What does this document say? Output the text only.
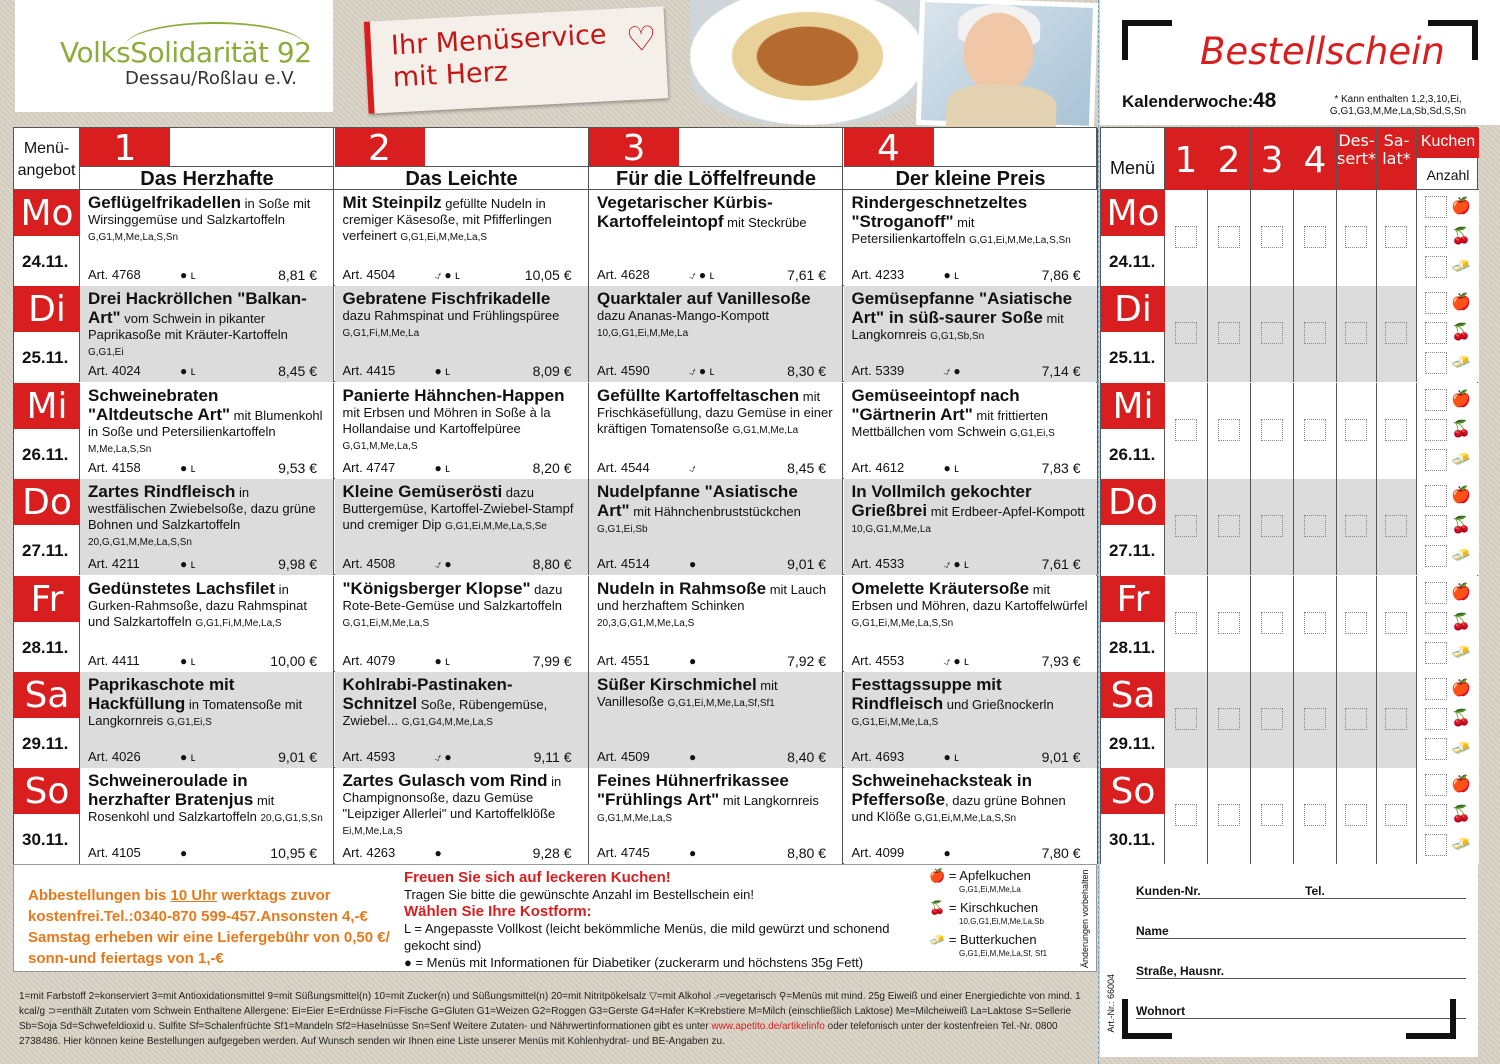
VolksSolidarität 92
Dessau/Roßlau e.V.
Ihr Menüservice
mit Herz
♡	Bestellschein
Kalenderwoche: 48	* Kann enthalten 1,2,3,10,Ei, G,G1,G3,M,Me,La,Sb,Sd,S,Sn
Menü-angebot
1
Das Herzhafte
2
Das Leichte
3
Für die Löffelfreunde
4
Der kleine Preis
Mo
24.11.
Geflügelfrikadellen in Soße mit Wirsinggemüse und Salzkartoffeln G,G1,M,Me,La,S,Sn
Art. 4768	● ʟ	8,81 €
Mit Steinpilz gefüllte Nudeln in cremiger Käsesoße, mit Pfifferlingen verfeinert G,G1,Ei,M,Me,La,S
Art. 4504	⍻ ● ʟ	10,05 €
Vegetarischer Kürbis-Kartoffeleintopf mit Steckrübe
Art. 4628	⍻ ● ʟ	7,61 €
Rindergeschnetzeltes "Stroganoff" mit Petersilienkartoffeln G,G1,Ei,M,Me,La,S,Sn
Art. 4233	● ʟ	7,86 €
Di
25.11.
Drei Hackröllchen "Balkan-Art" vom Schwein in pikanter Paprikasoße mit Kräuter-Kartoffeln G,G1,Ei
Art. 4024	● ʟ	8,45 €
Gebratene Fischfrikadelle dazu Rahmspinat und Frühlingspüree G,G1,Fi,M,Me,La
Art. 4415	● ʟ	8,09 €
Quarktaler auf Vanillesoße dazu Ananas-Mango-Kompott 10,G,G1,Ei,M,Me,La
Art. 4590	⍻ ● ʟ	8,30 €
Gemüsepfanne "Asiatische Art" in süß-saurer Soße mit Langkornreis G,G1,Sb,Sn
Art. 5339	⍻ ●	7,14 €
Mi
26.11.
Schweinebraten "Altdeutsche Art" mit Blumenkohl in Soße und Petersilienkartoffeln M,Me,La,S,Sn
Art. 4158	● ʟ	9,53 €
Panierte Hähnchen-Happen mit Erbsen und Möhren in Soße à la Hollandaise und Kartoffelpüree G,G1,M,Me,La,S
Art. 4747	● ʟ	8,20 €
Gefüllte Kartoffeltaschen mit Frischkäsefüllung, dazu Gemüse in einer kräftigen Tomatensoße G,G1,M,Me,La
Art. 4544	⍻	8,45 €
Gemüseeintopf nach "Gärtnerin Art" mit frittierten Mettbällchen vom Schwein G,G1,Ei,S
Art. 4612	● ʟ	7,83 €
Do
27.11.
Zartes Rindfleisch in westfälischen Zwiebelsoße, dazu grüne Bohnen und Salzkartoffeln 20,G,G1,M,Me,La,S,Sn
Art. 4211	● ʟ	9,98 €
Kleine Gemüserösti dazu Buttergemüse, Kartoffel-Zwiebel-Stampf und cremiger Dip G,G1,Ei,M,Me,La,S,Se
Art. 4508	⍻ ●	8,80 €
Nudelpfanne "Asiatische Art" mit Hähnchenbruststückchen G,G1,Ei,Sb
Art. 4514	●	9,01 €
In Vollmilch gekochter Grießbrei mit Erdbeer-Apfel-Kompott 10,G,G1,M,Me,La
Art. 4533	⍻ ● ʟ	7,61 €
Fr
28.11.
Gedünstetes Lachsfilet in Gurken-Rahmsoße, dazu Rahmspinat und Salzkartoffeln G,G1,Fi,M,Me,La,S
Art. 4411	● ʟ	10,00 €
"Königsberger Klopse" dazu Rote-Bete-Gemüse und Salzkartoffeln G,G1,Ei,M,Me,La,S
Art. 4079	● ʟ	7,99 €
Nudeln in Rahmsoße mit Lauch und herzhaftem Schinken 20,3,G,G1,M,Me,La,S
Art. 4551	●	7,92 €
Omelette Kräutersoße mit Erbsen und Möhren, dazu Kartoffelwürfel G,G1,Ei,M,Me,La,S,Sn
Art. 4553	⍻ ● ʟ	7,93 €
Sa
29.11.
Paprikaschote mit Hackfüllung in Tomatensoße mit Langkornreis G,G1,Ei,S
Art. 4026	● ʟ	9,01 €
Kohlrabi-Pastinaken-Schnitzel Soße, Rübengemüse, Zwiebel... G,G1,G4,M,Me,La,S
Art. 4593	⍻ ●	9,11 €
Süßer Kirschmichel mit Vanillesoße G,G1,Ei,M,Me,La,Sf,Sf1
Art. 4509	●	8,40 €
Festtagssuppe mit Rindfleisch und Grießnockerln G,G1,Ei,M,Me,La,S
Art. 4693	● ʟ	9,01 €
So
30.11.
Schweineroulade in herzhafter Bratenjus mit Rosenkohl und Salzkartoffeln 20,G,G1,S,Sn
Art. 4105	●	10,95 €
Zartes Gulasch vom Rind in Champignonsoße, dazu Gemüse "Leipziger Allerlei" und Kartoffelklöße Ei,M,Me,La,S
Art. 4263	●	9,28 €
Feines Hühnerfrikassee "Frühlings Art" mit Langkornreis G,G1,M,Me,La,S
Art. 4745	●	8,80 €
Schweinehacksteak in Pfeffersoße, dazu grüne Bohnen und Klöße G,G1,Ei,M,Me,La,S,Sn
Art. 4099	●	7,80 €
Menü 1 2 3 4 Des-sert*
Sa-lat*
Kuchen
Anzahl
Mo
24.11.
🍎
🍒
🧈
Di
25.11.
🍎
🍒
🧈
Mi
26.11.
🍎
🍒
🧈
Do
27.11.
🍎
🍒
🧈
Fr
28.11.
🍎
🍒
🧈
Sa
29.11.
🍎
🍒
🧈
So
30.11.
🍎
🍒
🧈
Abbestellungen bis 10 Uhr werktags zuvor kostenfrei.Tel.:0340-870 599-457.Ansonsten 4,-€ Samstag erheben wir eine Liefergebühr von 0,50 €/ sonn-und feiertags von 1,-€
Freuen Sie sich auf leckeren Kuchen!
Tragen Sie bitte die gewünschte Anzahl im Bestellschein ein!
Wählen Sie Ihre Kostform:
L = Angepasste Vollkost (leicht bekömmliche Menüs, die mild gewürzt und schonend gekocht sind)
● = Menüs mit Informationen für Diabetiker (zuckerarm und höchstens 35g Fett)
🍎 = Apfelkuchen
G,G1,Ei,M,Me,La
🍒 = Kirschkuchen
10,G,G1,Ei,M,Me,La,Sb
🧈 = Butterkuchen
G,G1,Ei,M,Me,La,Sf, Sf1	Änderungen vorbehalten
1=mit Farbstoff 2=konserviert 3=mit Antioxidationsmittel 9=mit Süßungsmittel(n) 10=mit Zucker(n) und Süßungsmittel(n) 20=mit Nitritpökelsalz ▽=mit Alkohol ⍻=vegetarisch ⚲=Menüs mit mind. 25g Eiweiß und einer Energiedichte von mind. 1 kcal/g ⊃=enthält Zutaten vom Schwein Enthaltene Allergene: Ei=Eier E=Erdnüsse Fi=Fische G=Gluten G1=Weizen G2=Roggen G3=Gerste G4=Hafer K=Krebstiere M=Milch (einschließlich Laktose) Me=Milcheiweiß La=Laktose S=Sellerie Sb=Soja Sd=Schwefeldioxid u. Sulfite Sf=Schalenfrüchte Sf1=Mandeln Sf2=Haselnüsse Sn=Senf Weitere Zutaten- und Nährwertinformationen gibt es unter www.apetito.de/artikelinfo oder telefonisch unter der kostenfreien Tel.-Nr. 0800 2738486. Hier können keine Bestellungen aufgegeben werden. Auf Wunsch senden wir Ihnen eine Liste unserer Menüs mit Kohlenhydrat- und BE-Angaben zu.
Kunden-Nr.	Tel.
Name
Straße, Hausnr.
Wohnort
Art.-Nr.: 66004
